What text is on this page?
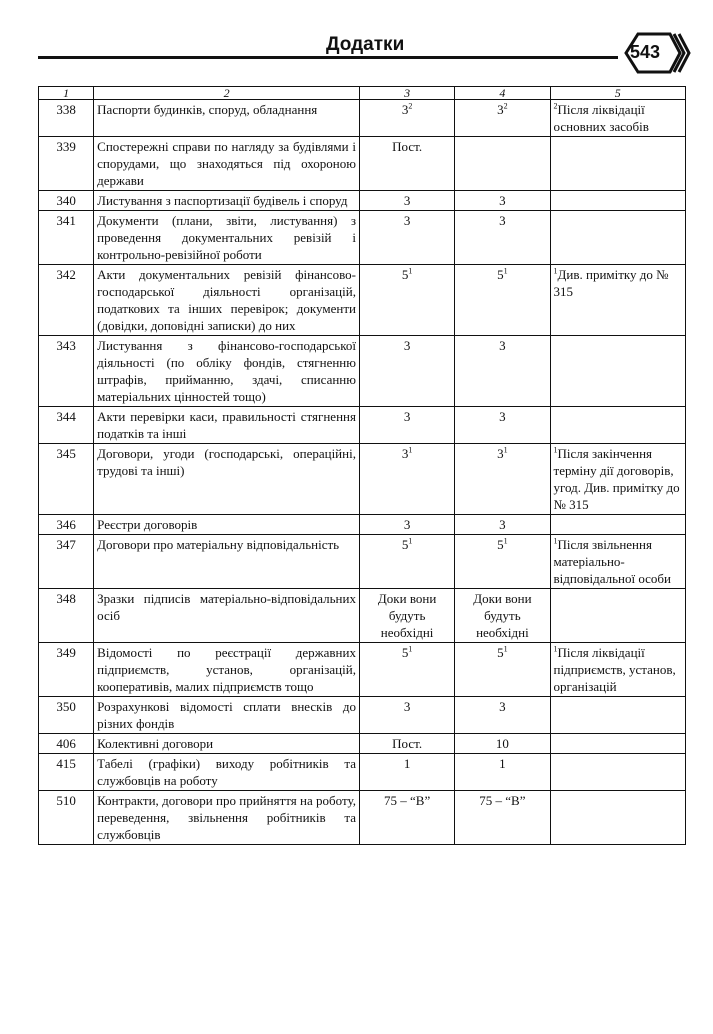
Додатки	543
1	2	3	4	5
338	Паспорти будинків, споруд, обладнання	$3^2$	$3^2$	$^2$Після ліквідації основних засобів
339	Спостережні справи по нагляду за будівлями і спорудами, що знаходяться під охороною держави	Пост.		
340	Листування з паспортизації будівель і споруд	3	3	
341	Документи (плани, звіти, листування) з проведення документальних ревізій і контрольно-ревізійної роботи	3	3	
342	Акти документальних ревізій фінансово-господарської діяльності організацій, податкових та інших перевірок; документи (довідки, доповідні записки) до них	$5^1$	$5^1$	$^1$Див. примітку до № 315
343	Листування з фінансово-господарської діяльності (по обліку фондів, стягненню штрафів, прийманню, здачі, списанню матеріальних цінностей тощо)	3	3	
344	Акти перевірки каси, правильності стягнення податків та інші	3	3	
345	Договори, угоди (господарські, операційні, трудові та інші)	$3^1$	$3^1$	$^1$Після закінчення терміну дії договорів, угод. Див. примітку до № 315
346	Реєстри договорів	3	3	
347	Договори про матеріальну відповідальність	$5^1$	$5^1$	$^1$Після звільнення матеріально-відповідальної особи
348	Зразки підписів матеріально-відповідальних осіб	Доки вони будуть необхідні	Доки вони будуть необхідні	
349	Відомості по реєстрації державних підприємств, установ, організацій, кооперативів, малих підприємств тощо	$5^1$	$5^1$	$^1$Після ліквідації підприємств, установ, організацій
350	Розрахункові відомості сплати внесків до різних фондів	3	3	
406	Колективні договори	Пост.	10	
415	Табелі (графіки) виходу робітників та службовців на роботу	1	1	
510	Контракти, договори про прийняття на роботу, переведення, звільнення робітників та службовців	75 – “В”	75 – “В”	
